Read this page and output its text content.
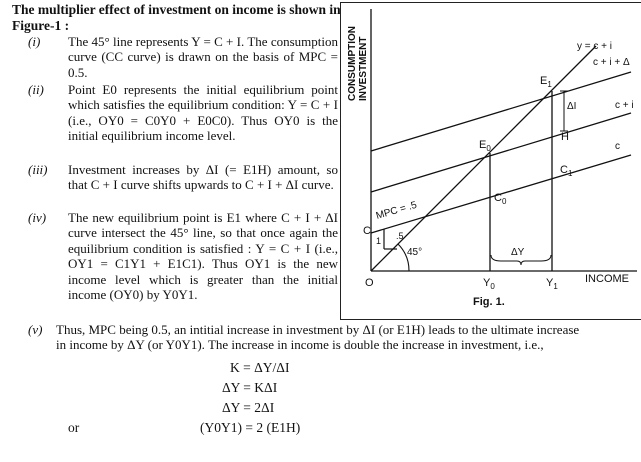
The multiplier effect of investment on income is shown in Figure-1 :
(i)	The 45° line represents Y = C + I. The consumption curve (CC curve) is drawn on the basis of MPC = 0.5.
(ii)	Point E0 represents the initial equilibrium point which satisfies the equilibrium condition: Y = C + I (i.e., OY0 = C0Y0 + E0C0). Thus OY0 is the initial equilibrium income level.
(iii)	Investment increases by ΔI (= E1H) amount, so that C + I curve shifts upwards to C + I + ΔI curve.
(iv)	The new equilibrium point is E1 where C + I + ΔI curve intersect the 45° line, so that once again the equilibrium condition is satisfied : Y = C + I (i.e., OY1 = C1Y1 + E1C1). Thus OY1 is the new income level which is greater than the initial income (OY0) by Y0Y1.
(v) Thus, MPC being 0.5, an intitial increase in investment by ΔI (or E1H) leads to the ultimate increase
in income by ΔY (or Y0Y1). The increase in income is double the increase in investment, i.e.,
K = ΔY/ΔI
ΔY = KΔI
ΔY = 2ΔI
or	(Y0Y1) = 2 (E1H)
CONSUMPTION INVESTMENT
INCOME
O
y = c + i
c + i + Δ
c + i
c
$E_1$
$E_0$
$C_0$
$C_1$
H
C
$Y_0$	$Y_1$
ΔI
ΔY
MPC = .5
.5
1
45°
Fig. 1.
